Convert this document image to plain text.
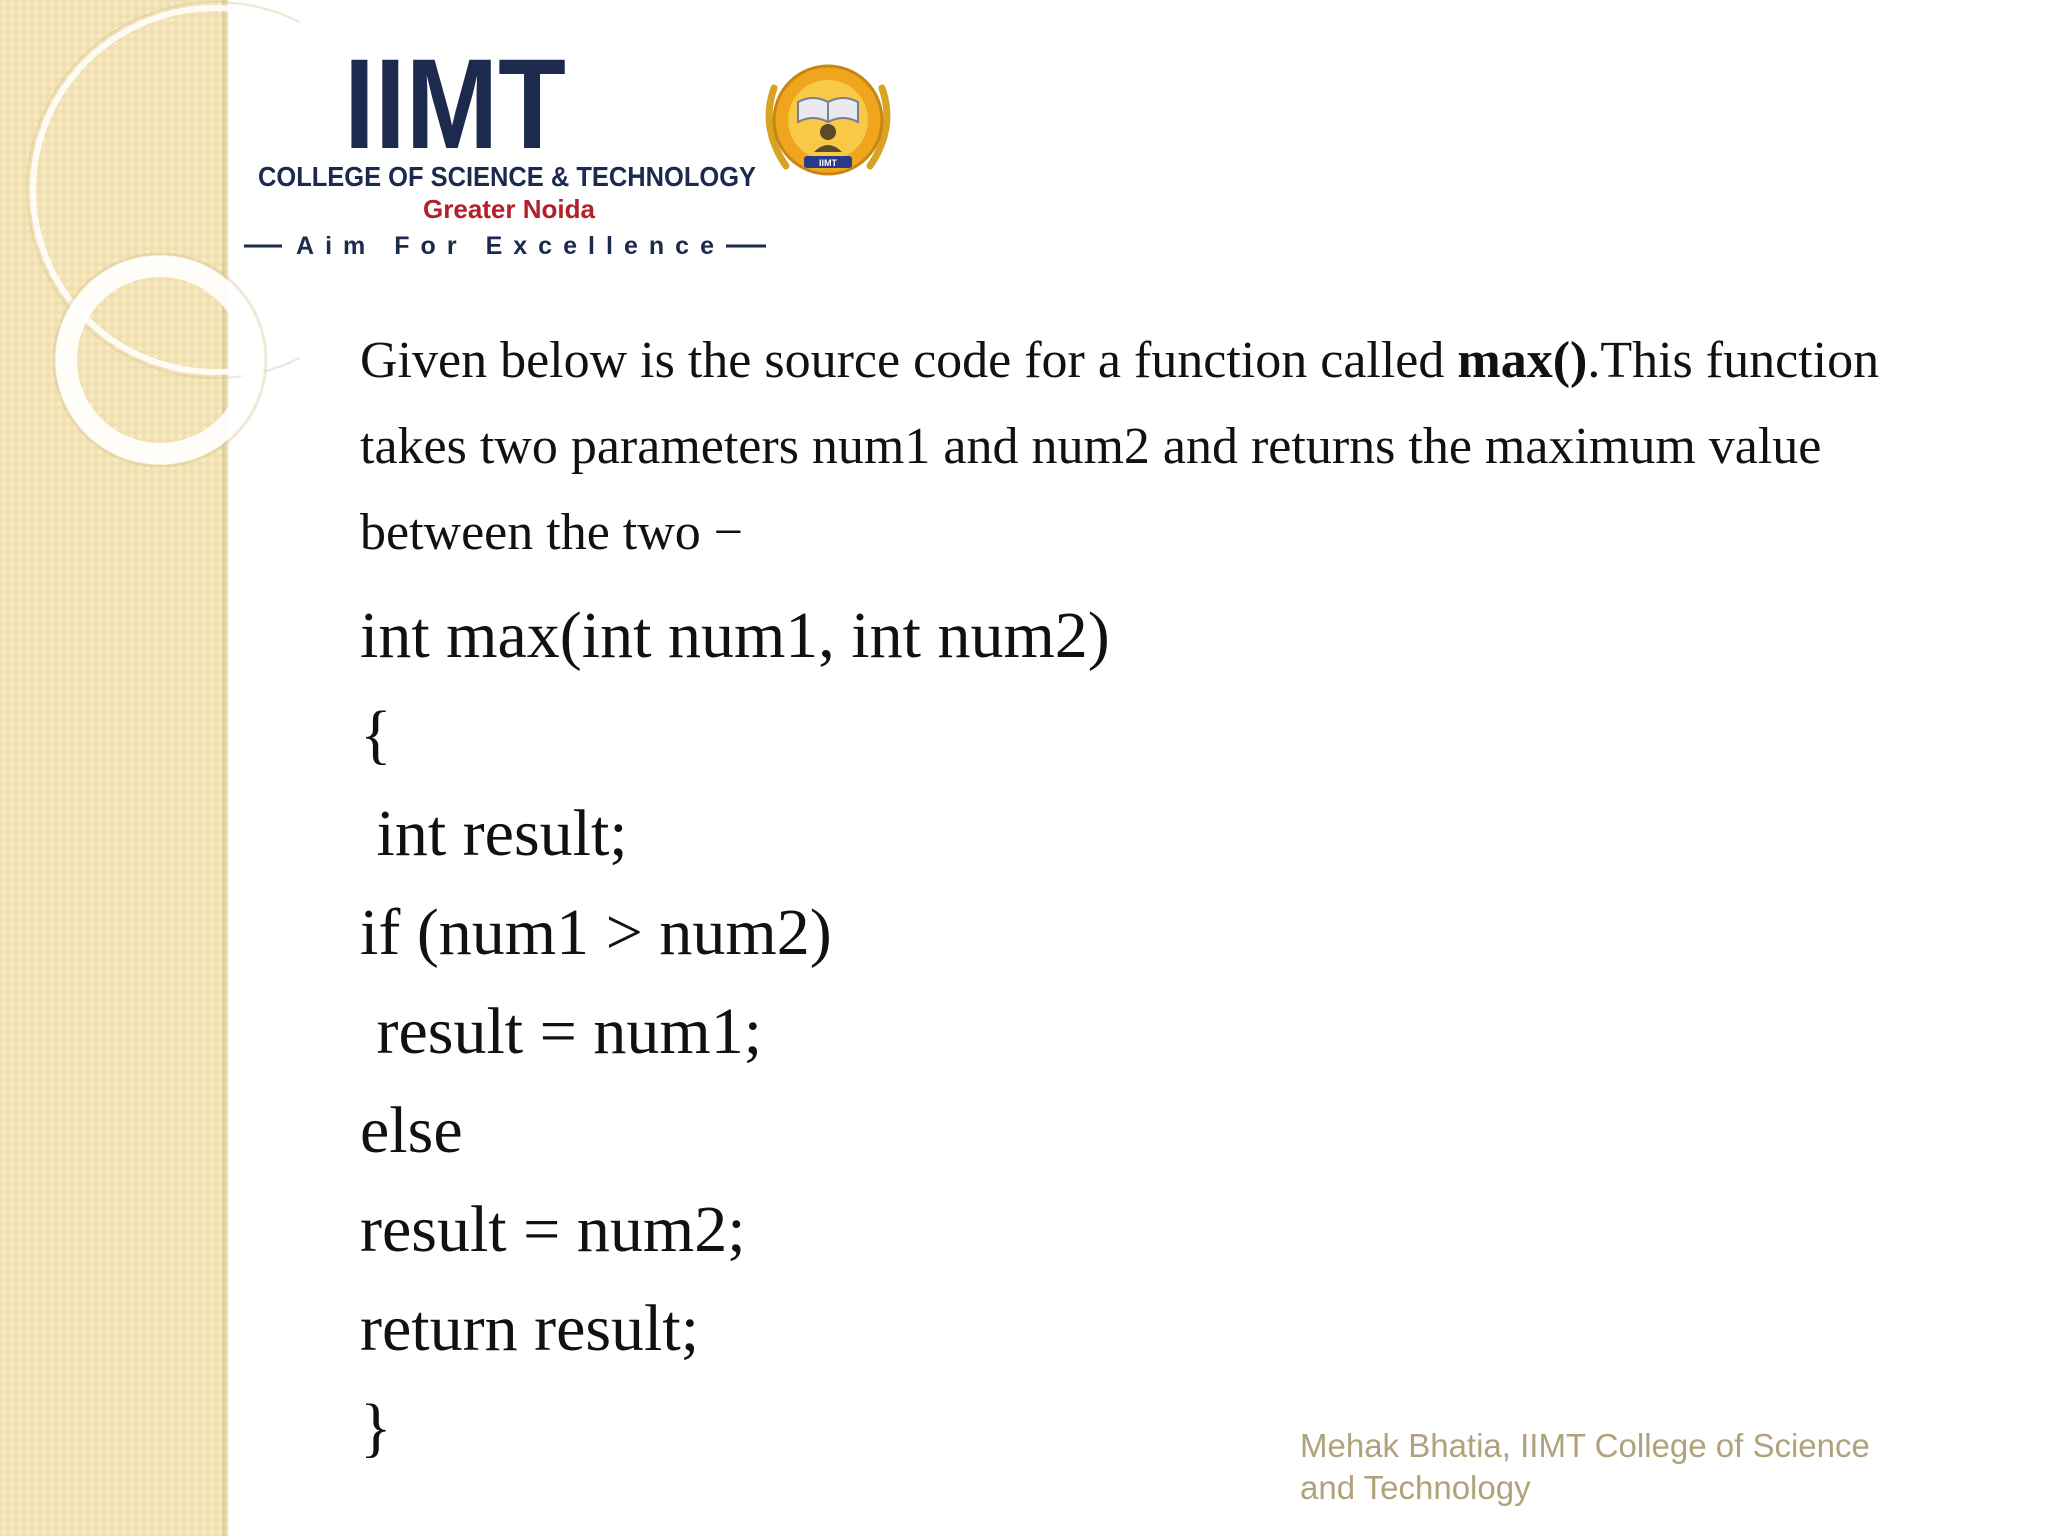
IIMT
COLLEGE OF SCIENCE & TECHNOLOGY
Greater Noida
Aim For Excellence
IIMT

Given below is the source code for a function called max().This function takes two parameters num1 and num2 and returns the maximum value between the two −

int max(int num1, int num2)
{
int result;
if (num1 > num2)
result = num1;
else
result = num2;
return result;
}	Mehak Bhatia, IIMT College of Science
and Technology
